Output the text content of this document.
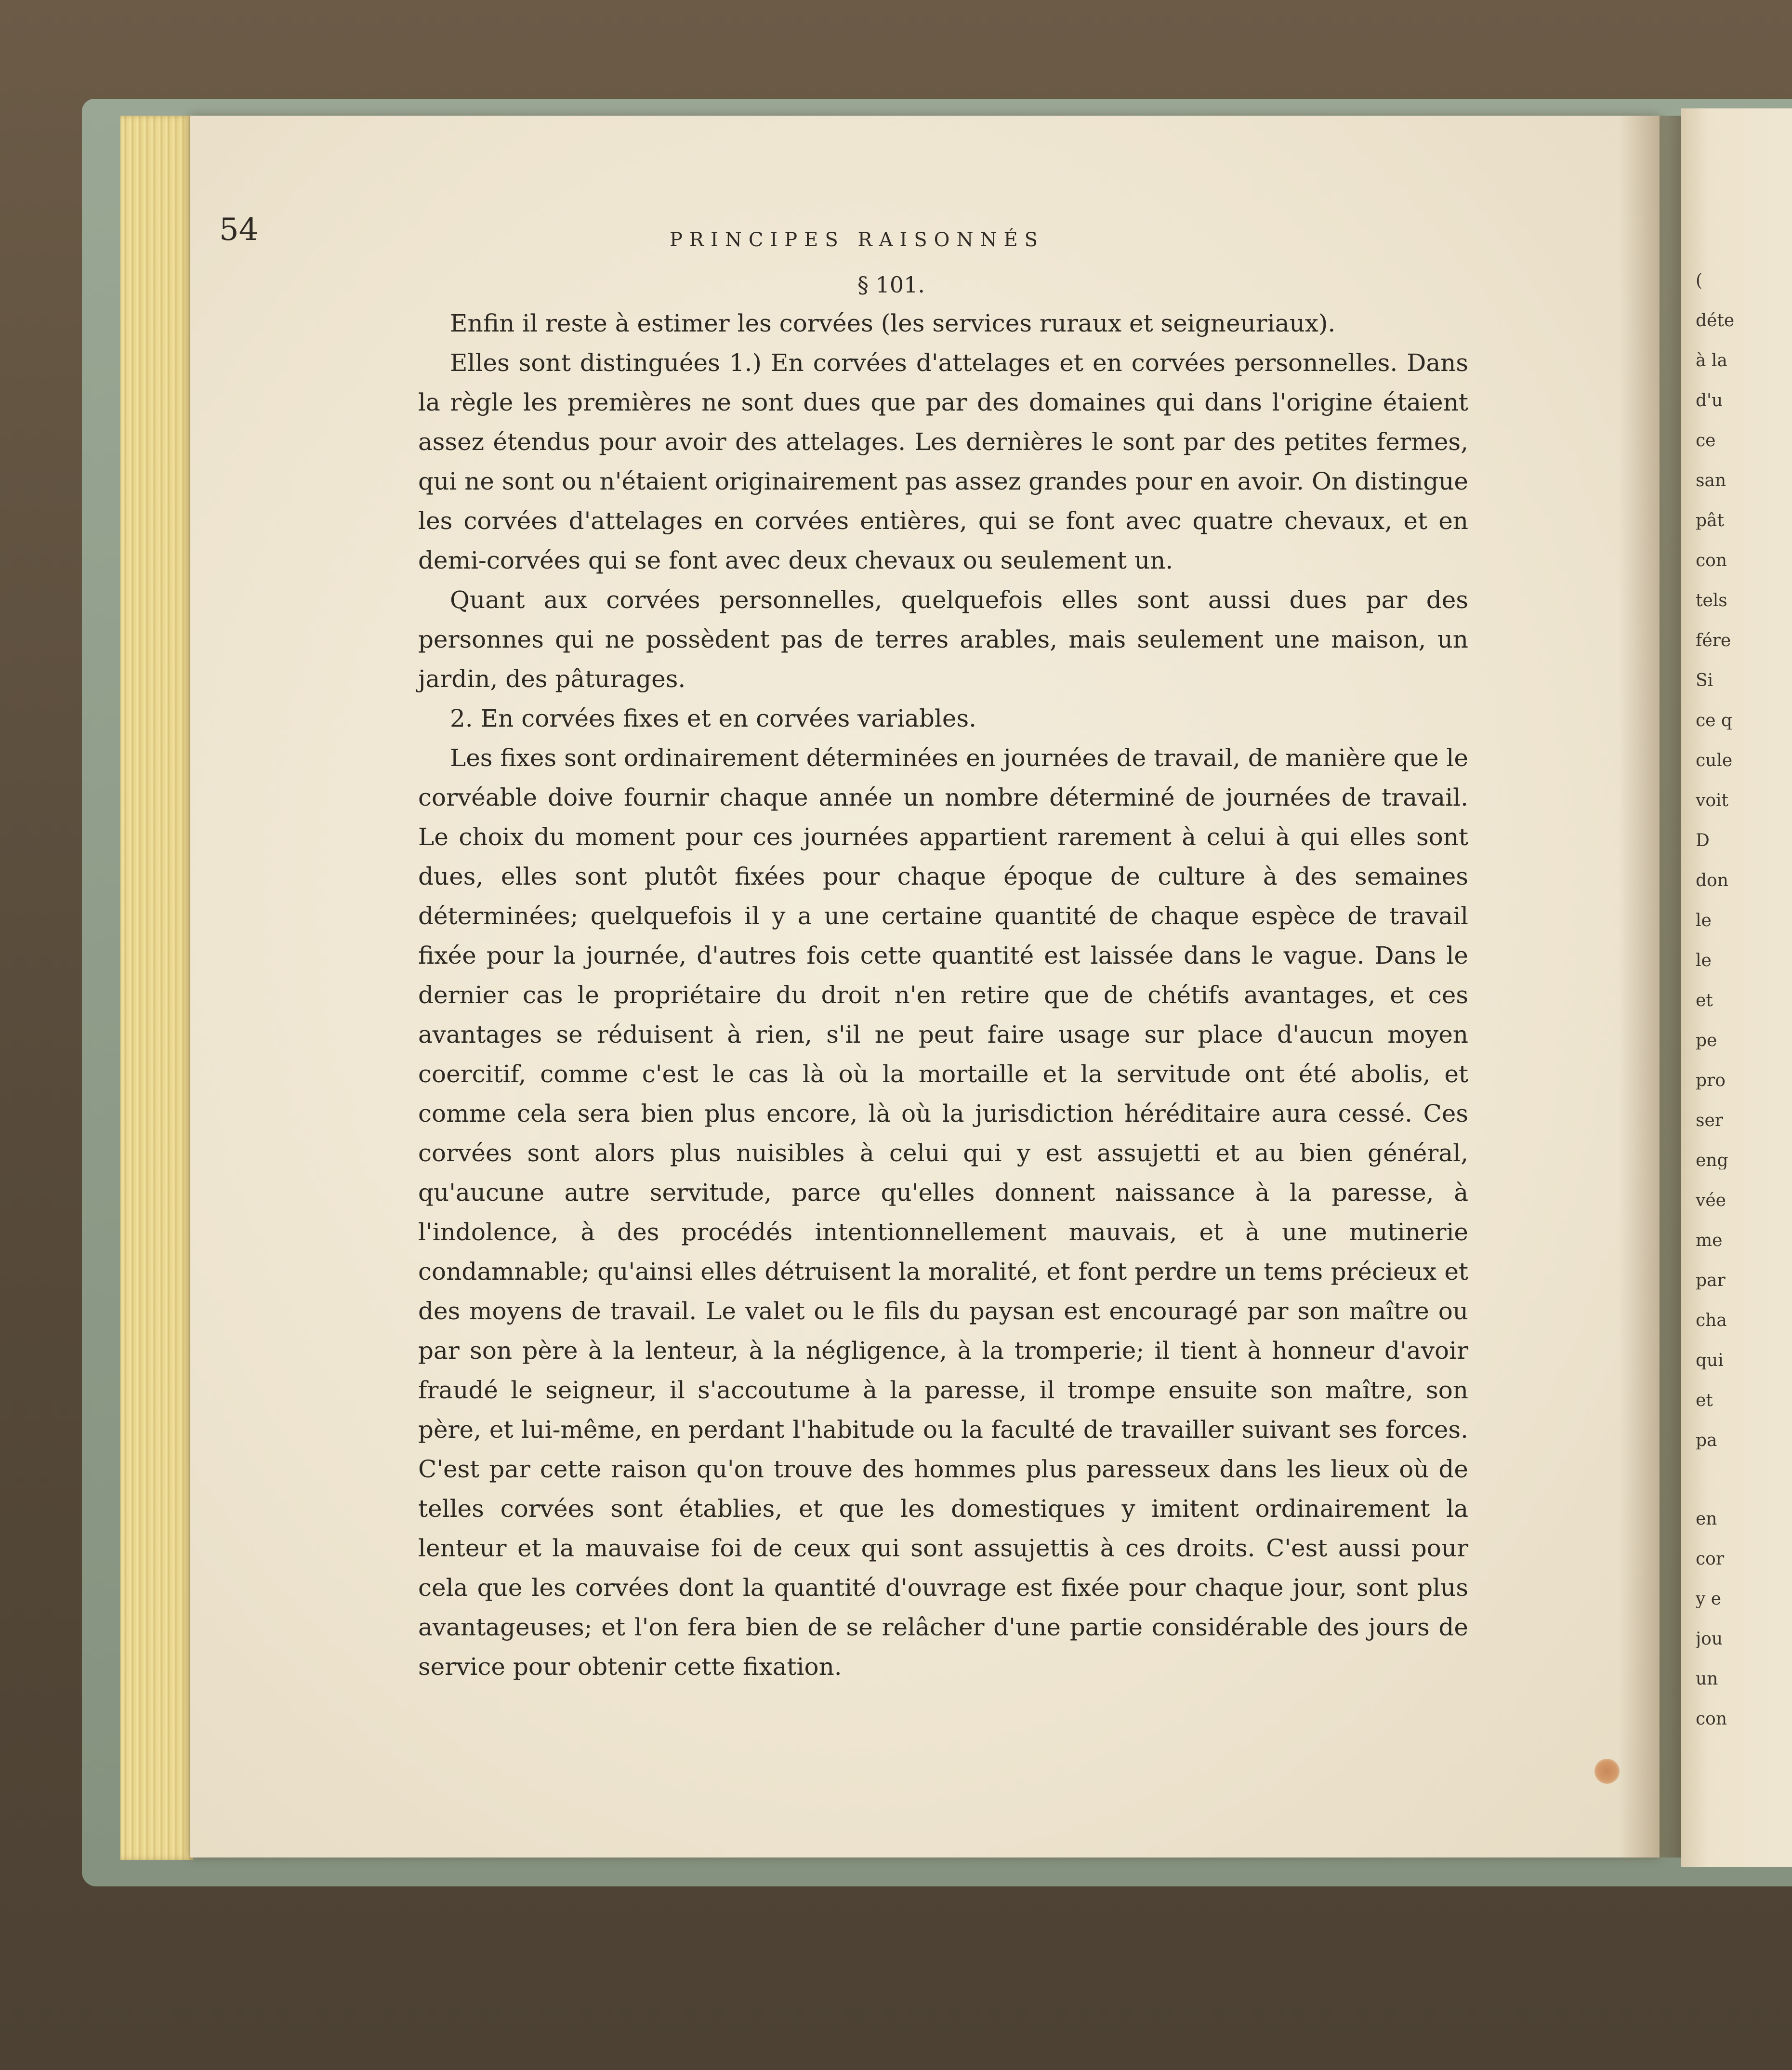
(
déte
à la
d'u
ce
san
pât
con
tels
fére
Si
ce q
cule
voit
D
don
le
le
et
pe
pro
ser
eng
vée
me
par
cha
qui
et
pa
en
cor
y e
jou
un
con
54	PRINCIPES RAISONNÉS
§ 101.

Enfin il reste à estimer les corvées (les services ruraux et seigneuriaux).

Elles sont distinguées 1.) En corvées d'attelages et en corvées personnelles. Dans la règle les premières ne sont dues que par des domaines qui dans l'origine étaient assez étendus pour avoir des attelages. Les dernières le sont par des petites fermes, qui ne sont ou n'étaient originairement pas assez grandes pour en avoir. On distingue les corvées d'attelages en corvées entières, qui se font avec quatre chevaux, et en demi-corvées qui se font avec deux chevaux ou seulement un.

Quant aux corvées personnelles, quelquefois elles sont aussi dues par des personnes qui ne possèdent pas de terres arables, mais seulement une maison, un jardin, des pâturages.

2. En corvées fixes et en corvées variables.

Les fixes sont ordinairement déterminées en journées de travail, de manière que le corvéable doive fournir chaque année un nombre déterminé de journées de travail. Le choix du moment pour ces journées appartient rarement à celui à qui elles sont dues, elles sont plutôt fixées pour chaque époque de culture à des semaines déterminées; quelquefois il y a une certaine quantité de chaque espèce de travail fixée pour la journée, d'autres fois cette quantité est laissée dans le vague. Dans le dernier cas le propriétaire du droit n'en retire que de chétifs avantages, et ces avantages se réduisent à rien, s'il ne peut faire usage sur place d'aucun moyen coercitif, comme c'est le cas là où la mortaille et la servitude ont été abolis, et comme cela sera bien plus encore, là où la jurisdiction héréditaire aura cessé. Ces corvées sont alors plus nuisibles à celui qui y est assujetti et au bien général, qu'aucune autre servitude, parce qu'elles donnent naissance à la paresse, à l'indolence, à des procédés intentionnellement mauvais, et à une mutinerie condamnable; qu'ainsi elles détruisent la moralité, et font perdre un tems précieux et des moyens de travail. Le valet ou le fils du paysan est encouragé par son maître ou par son père à la lenteur, à la négligence, à la tromperie; il tient à honneur d'avoir fraudé le seigneur, il s'accoutume à la paresse, il trompe ensuite son maître, son père, et lui-même, en perdant l'habitude ou la faculté de travailler suivant ses forces. C'est par cette raison qu'on trouve des hommes plus paresseux dans les lieux où de telles corvées sont établies, et que les domestiques y imitent ordinairement la lenteur et la mauvaise foi de ceux qui sont assujettis à ces droits. C'est aussi pour cela que les corvées dont la quantité d'ouvrage est fixée pour chaque jour, sont plus avantageuses; et l'on fera bien de se relâcher d'une partie considérable des jours de service pour obtenir cette fixation.
